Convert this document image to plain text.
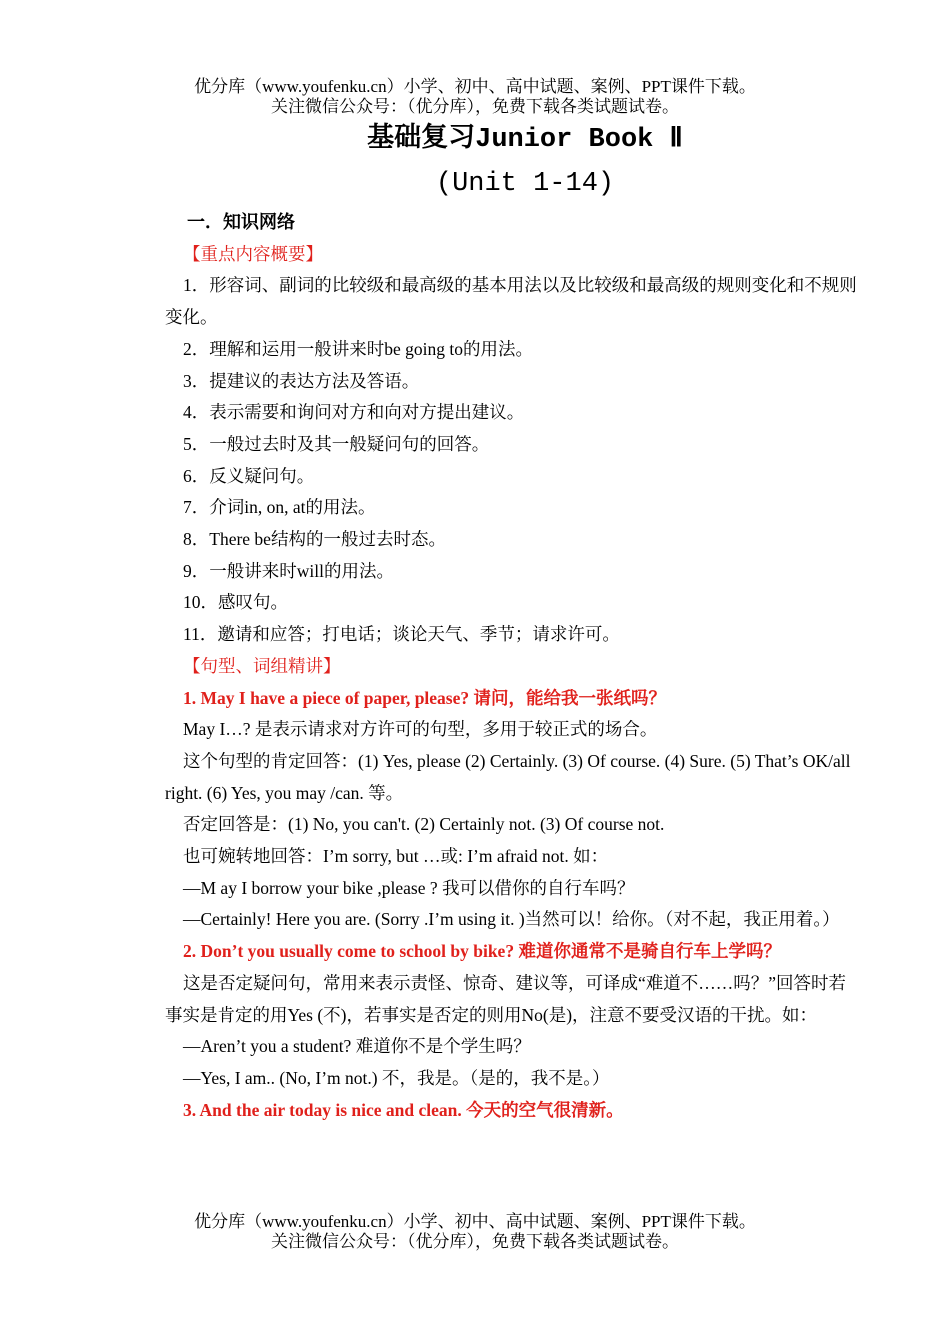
优分库（www.youfenku.cn）小学、初中、高中试题、案例、PPT课件下载。
关注微信公众号：（优分库），免费下载各类试题试卷。
基础复习Junior Book Ⅱ
(Unit 1-14)

一．知识网络

【重点内容概要】

1．形容词、副词的比较级和最高级的基本用法以及比较级和最高级的规则变化和不规则变化。

2．理解和运用一般讲来时be going to的用法。

3．提建议的表达方法及答语。

4．表示需要和询问对方和向对方提出建议。

5．一般过去时及其一般疑问句的回答。

6．反义疑问句。

7．介词in, on, at的用法。

8．There be结构的一般过去时态。

9．一般讲来时will的用法。

10．感叹句。

11．邀请和应答；打电话；谈论天气、季节；请求许可。

【句型、词组精讲】

1. May I have a piece of paper, please? 请问，能给我一张纸吗？

May I…? 是表示请求对方许可的句型，多用于较正式的场合。

这个句型的肯定回答：(1) Yes, please (2) Certainly. (3) Of course. (4) Sure. (5) That’s OK/all right. (6) Yes, you may /can. 等。

否定回答是：(1) No, you can't. (2) Certainly not. (3) Of course not.

也可婉转地回答：I’m sorry, but …或: I’m afraid not. 如：

—M ay I borrow your bike ,please ? 我可以借你的自行车吗？

—Certainly! Here you are. (Sorry .I’m using it. )当然可以！给你。（对不起，我正用着。）

2. Don’t you usually come to school by bike? 难道你通常不是骑自行车上学吗？

这是否定疑问句，常用来表示责怪、惊奇、建议等，可译成“难道不……吗？”回答时若事实是肯定的用Yes (不)，若事实是否定的则用No(是)，注意不要受汉语的干扰。如：

—Aren’t you a student? 难道你不是个学生吗？

—Yes, I am.. (No, I’m not.) 不，我是。（是的，我不是。）

3. And the air today is nice and clean. 今天的空气很清新。

优分库（www.youfenku.cn）小学、初中、高中试题、案例、PPT课件下载。
关注微信公众号：（优分库），免费下载各类试题试卷。
